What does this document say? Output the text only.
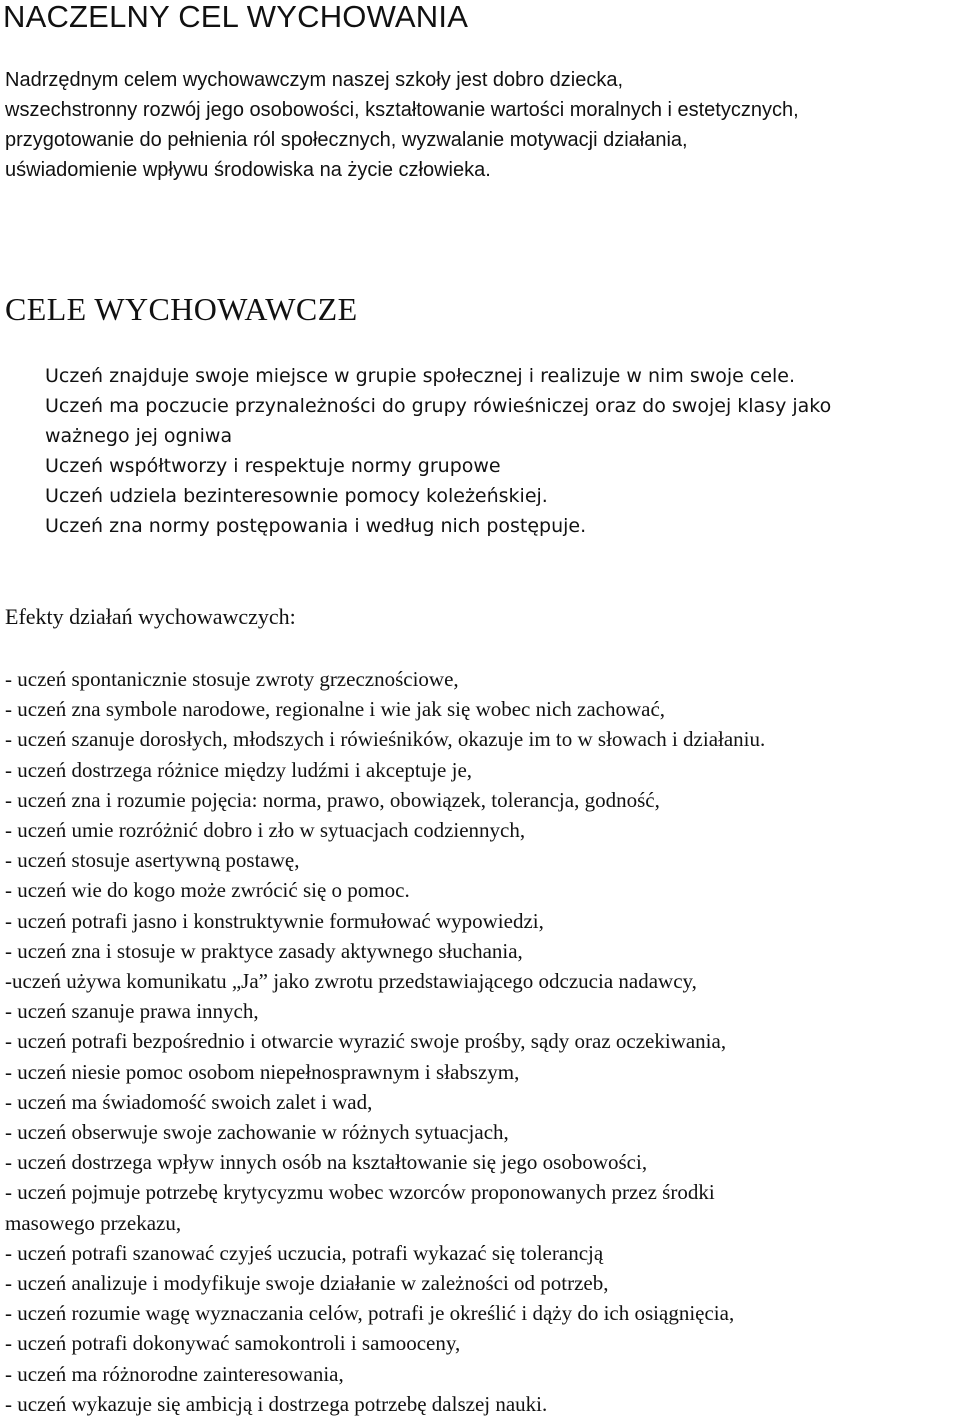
NACZELNY CEL WYCHOWANIA
Nadrzędnym celem wychowawczym naszej szkoły jest dobro dziecka,
wszechstronny rozwój jego osobowości, kształtowanie wartości moralnych i estetycznych,
przygotowanie do pełnienia ról społecznych, wyzwalanie motywacji działania,
uświadomienie wpływu środowiska na życie człowieka.
CELE WYCHOWAWCZE
Uczeń znajduje swoje miejsce w grupie społecznej i realizuje w nim swoje cele.
Uczeń ma poczucie przynależności do grupy rówieśniczej oraz do swojej klasy jako
ważnego jej ogniwa
Uczeń współtworzy i respektuje normy grupowe
Uczeń udziela bezinteresownie pomocy koleżeńskiej.
Uczeń zna normy postępowania i według nich postępuje.
Efekty działań wychowawczych:
- uczeń spontanicznie stosuje zwroty grzecznościowe,
- uczeń zna symbole narodowe, regionalne i wie jak się wobec nich zachować,
- uczeń szanuje dorosłych, młodszych i rówieśników, okazuje im to w słowach i działaniu.
- uczeń dostrzega różnice między ludźmi i akceptuje je,
- uczeń zna i rozumie pojęcia: norma, prawo, obowiązek, tolerancja, godność,
- uczeń umie rozróżnić dobro i zło w sytuacjach codziennych,
- uczeń stosuje asertywną postawę,
- uczeń wie do kogo może zwrócić się o pomoc.
- uczeń potrafi jasno i konstruktywnie formułować wypowiedzi,
- uczeń zna i stosuje w praktyce zasady aktywnego słuchania,
-uczeń używa komunikatu „Ja” jako zwrotu przedstawiającego odczucia nadawcy,
- uczeń szanuje prawa innych,
- uczeń potrafi bezpośrednio i otwarcie wyrazić swoje prośby, sądy oraz oczekiwania,
- uczeń niesie pomoc osobom niepełnosprawnym i słabszym,
- uczeń ma świadomość swoich zalet i wad,
- uczeń obserwuje swoje zachowanie w różnych sytuacjach,
- uczeń dostrzega wpływ innych osób na kształtowanie się jego osobowości,
- uczeń pojmuje potrzebę krytycyzmu wobec wzorców proponowanych przez środki
masowego przekazu,
- uczeń potrafi szanować czyjeś uczucia, potrafi wykazać się tolerancją
- uczeń analizuje i modyfikuje swoje działanie w zależności od potrzeb,
- uczeń rozumie wagę wyznaczania celów, potrafi je określić i dąży do ich osiągnięcia,
- uczeń potrafi dokonywać samokontroli i samooceny,
- uczeń ma różnorodne zainteresowania,
- uczeń wykazuje się ambicją i dostrzega potrzebę dalszej nauki.
